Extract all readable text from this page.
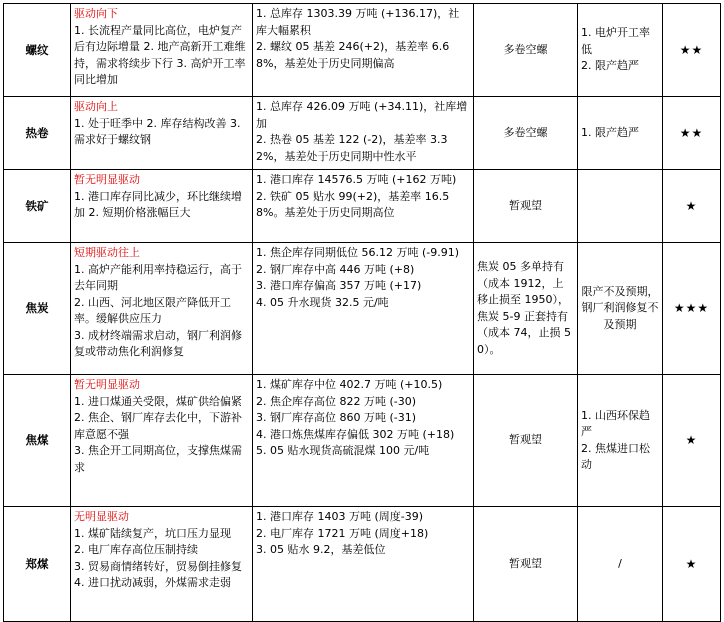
螺纹	驱动向下
1. 长流程产量同比高位，电炉复产后有边际增量 2. 地产高新开工难维持，需求将续步下行 3. 高炉开工率同比增加	1. 总库存 1303.39 万吨 (+136.17)，社库大幅累积
2. 螺纹 05 基差 246(+2)，基差率 6.68%，基差处于历史同期偏高	多卷空螺	1. 电炉开工率低
2. 限产趋严	★★
热卷	驱动向上
1. 处于旺季中 2. 库存结构改善 3. 需求好于螺纹钢	1. 总库存 426.09 万吨 (+34.11)，社库增加
2. 热卷 05 基差 122 (-2)，基差率 3.32%，基差处于历史同期中性水平	多卷空螺	1. 限产趋严	★★
铁矿	暂无明显驱动
1. 港口库存同比减少，环比继续增加 2. 短期价格涨幅巨大	1. 港口库存 14576.5 万吨 (+162 万吨)
2. 铁矿 05 贴水 99(+2)，基差率 16.58%。基差处于历史同期高位	暂观望		★
焦炭	短期驱动往上
1. 高炉产能利用率持稳运行，高于去年同期
2. 山西、河北地区限产降低开工率。缓解供应压力
3. 成材终端需求启动，钢厂利润修复或带动焦化利润修复	1. 焦企库存同期低位 56.12 万吨 (-9.91)
2. 钢厂库存中高 446 万吨 (+8)
3. 港口库存偏高 357 万吨 (+17)
4. 05 升水现货 32.5 元/吨	焦炭 05 多单持有（成本 1912，上移止损至 1950），焦炭 5-9 正套持有（成本 74，止损 50）。	限产不及预期，钢厂利润修复不及预期	★★★
焦煤	暂无明显驱动
1. 进口煤通关受限，煤矿供给偏紧
2. 焦企、钢厂库存去化中，下游补库意愿不强
3. 焦企开工同期高位，支撑焦煤需求	1. 煤矿库存中位 402.7 万吨 (+10.5)
2. 焦企库存高位 822 万吨 (-30)
3. 钢厂库存高位 860 万吨 (-31)
4. 港口炼焦煤库存偏低 302 万吨 (+18)
5. 05 贴水现货高硫混煤 100 元/吨	暂观望	1. 山西环保趋严
2. 焦煤进口松动	★
郑煤	无明显驱动
1. 煤矿陆续复产，坑口压力显现
2. 电厂库存高位压制持续
3. 贸易商情绪转好，贸易倒挂修复
4. 进口扰动减弱，外煤需求走弱	1. 港口库存 1403 万吨 (周度-39)
2. 电厂库存 1721 万吨 (周度+18)
3. 05 贴水 9.2，基差低位	暂观望	/	★
